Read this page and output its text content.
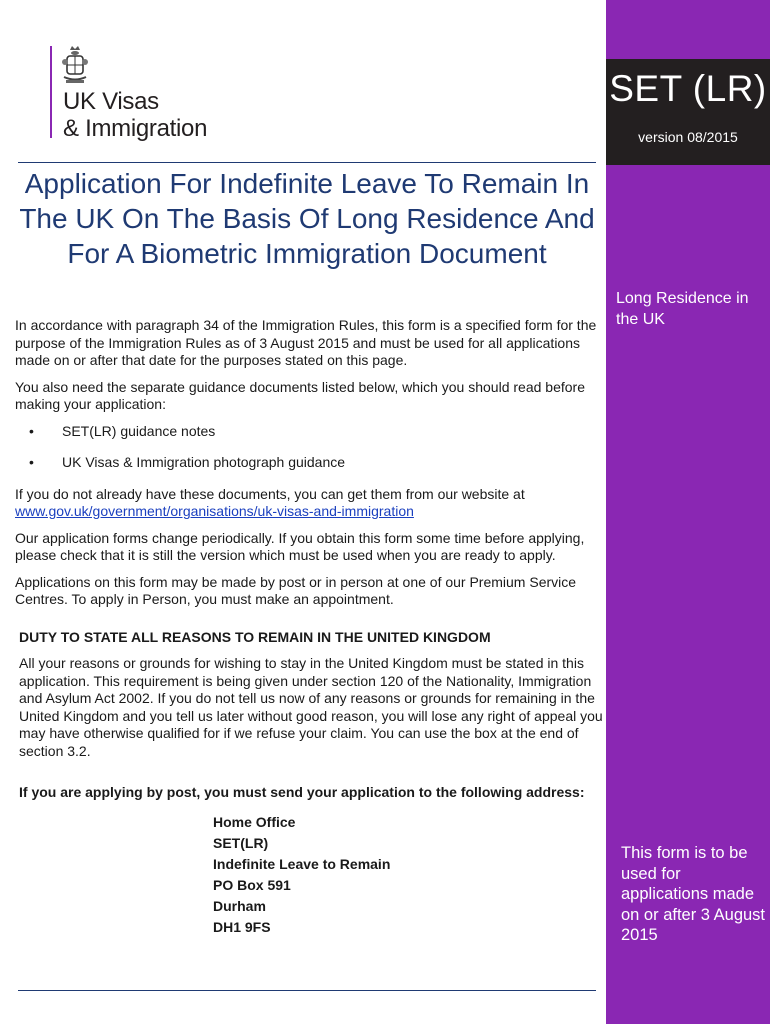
SET (LR)
version 08/2015
Long Residence in the UK
This form is to be used for applications made on or after 3 August 2015
UK Visas
& Immigration
Application For Indefinite Leave To Remain In The UK On The Basis Of Long Residence And For A Biometric Immigration Document

In accordance with paragraph 34 of the Immigration Rules, this form is a specified form for the purpose of the Immigration Rules as of 3 August 2015 and must be used for all applications made on or after that date for the purposes stated on this page.

You also need the separate guidance documents listed below, which you should read before making your application:

• SET(LR) guidance notes
• UK Visas & Immigration photograph guidance

If you do not already have these documents, you can get them from our website at
www.gov.uk/government/organisations/uk-visas-and-immigration

Our application forms change periodically. If you obtain this form some time before applying, please check that it is still the version which must be used when you are ready to apply.

Applications on this form may be made by post or in person at one of our Premium Service Centres. To apply in Person, you must make an appointment.

DUTY TO STATE ALL REASONS TO REMAIN IN THE UNITED KINGDOM

All your reasons or grounds for wishing to stay in the United Kingdom must be stated in this application. This requirement is being given under section 120 of the Nationality, Immigration and Asylum Act 2002. If you do not tell us now of any reasons or grounds for remaining in the United Kingdom and you tell us later without good reason, you will lose any right of appeal you may have otherwise qualified for if we refuse your claim. You can use the box at the end of section 3.2.

If you are applying by post, you must send your application to the following address:

Home Office
SET(LR)
Indefinite Leave to Remain
PO Box 591
Durham
DH1 9FS
